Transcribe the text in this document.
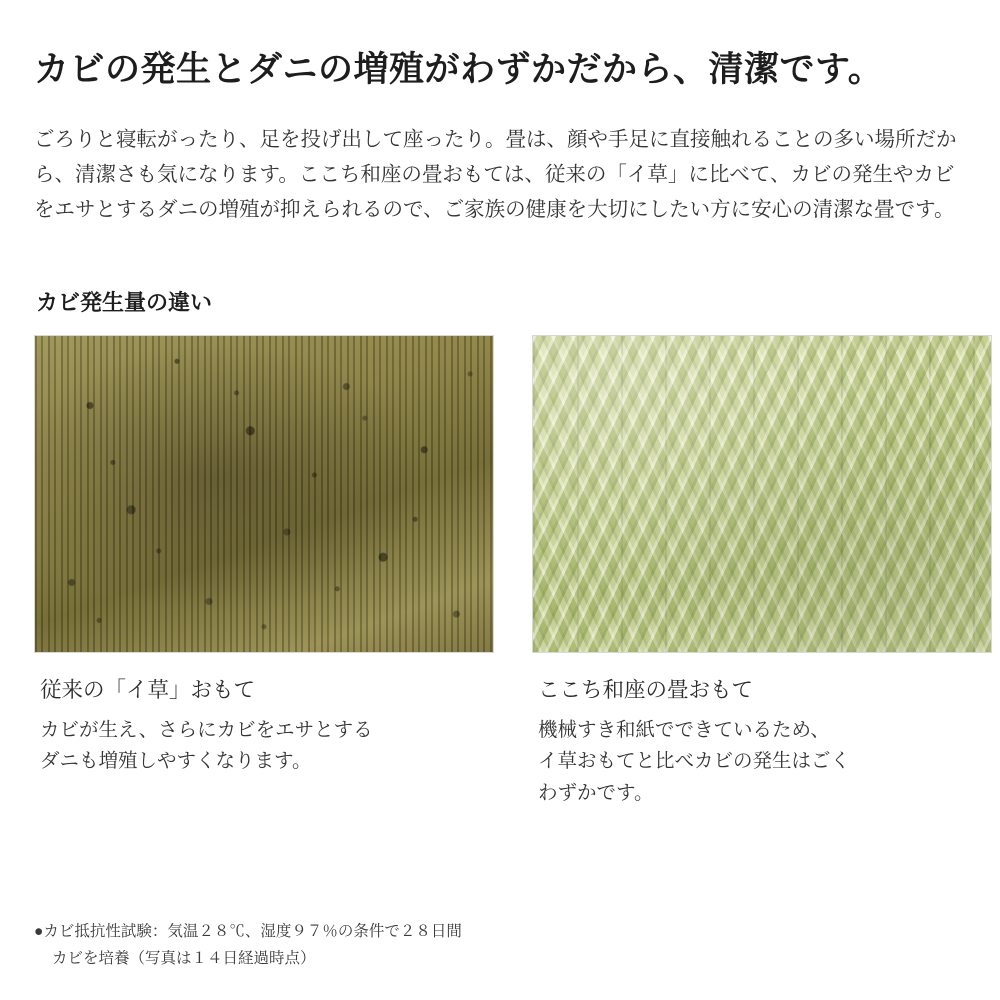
カビの発生とダニの増殖がわずかだから、清潔です。

ごろりと寝転がったり、足を投げ出して座ったり。畳は、顔や手足に直接触れることの多い場所だから、清潔さも気になります。ここち和座の畳おもては、従来の「イ草」に比べて、カビの発生やカビをエサとするダニの増殖が抑えられるので、ご家族の健康を大切にしたい方に安心の清潔な畳です。

カビ発生量の違い
従来の「イ草」おもて
カビが生え、さらにカビをエサとする
ダニも増殖しやすくなります。
ここち和座の畳おもて
機械すき和紙でできているため、
イ草おもてと比べカビの発生はごく
わずかです。
●カビ抵抗性試験：気温２８℃、湿度９７％の条件で２８日間
カビを培養（写真は１４日経過時点）
